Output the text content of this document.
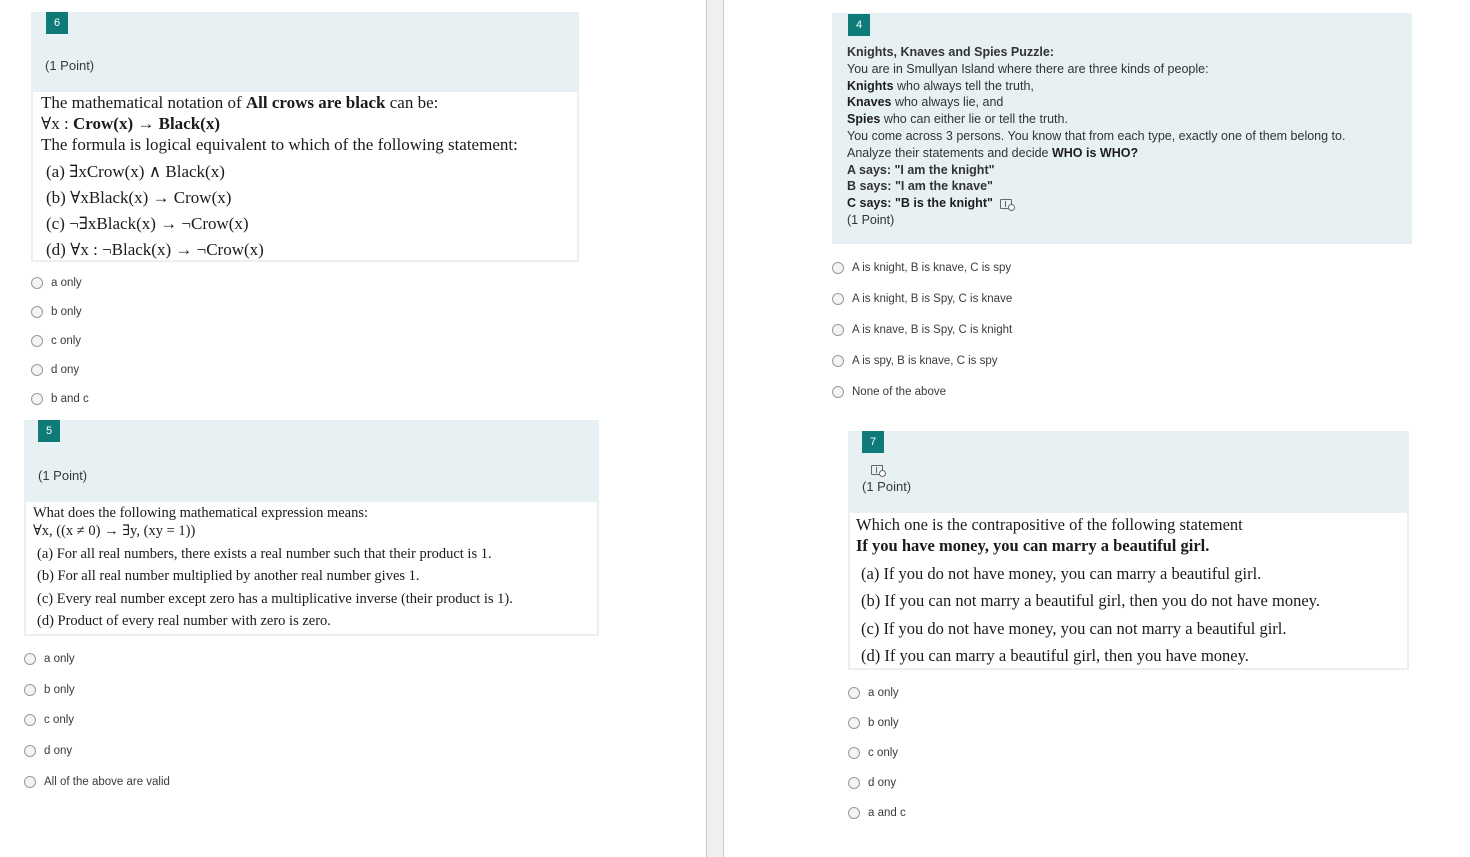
6
(1 Point)
The mathematical notation of All crows are black can be:
∀x : Crow(x) → Black(x)
The formula is logical equivalent to which of the following statement:
(a) ∃xCrow(x) ∧ Black(x)
(b) ∀xBlack(x) → Crow(x)
(c) ¬∃xBlack(x) → ¬Crow(x)
(d) ∀x : ¬Black(x) → ¬Crow(x)
a only
b only
c only
d ony
b and c
5
(1 Point)
What does the following mathematical expression means:
∀x, ((x ≠ 0) → ∃y, (xy = 1))
(a) For all real numbers, there exists a real number such that their product is 1.
(b) For all real number multiplied by another real number gives 1.
(c) Every real number except zero has a multiplicative inverse (their product is 1).
(d) Product of every real number with zero is zero.
a only
b only
c only
d ony
All of the above are valid
4
Knights, Knaves and Spies Puzzle:
You are in Smullyan Island where there are three kinds of people:
Knights who always tell the truth,
Knaves who always lie, and
Spies who can either lie or tell the truth.
You come across 3 persons. You know that from each type, exactly one of them belong to.
Analyze their statements and decide WHO is WHO?
A says: "I am the knight"
B says: "I am the knave"
C says: "B is the knight"
(1 Point)
A is knight, B is knave, C is spy
A is knight, B is Spy, C is knave
A is knave, B is Spy, C is knight
A is spy, B is knave, C is spy
None of the above
7
(1 Point)
Which one is the contrapositive of the following statement
If you have money, you can marry a beautiful girl.
(a) If you do not have money, you can marry a beautiful girl.
(b) If you can not marry a beautiful girl, then you do not have money.
(c) If you do not have money, you can not marry a beautiful girl.
(d) If you can marry a beautiful girl, then you have money.
a only
b only
c only
d ony
a and c
